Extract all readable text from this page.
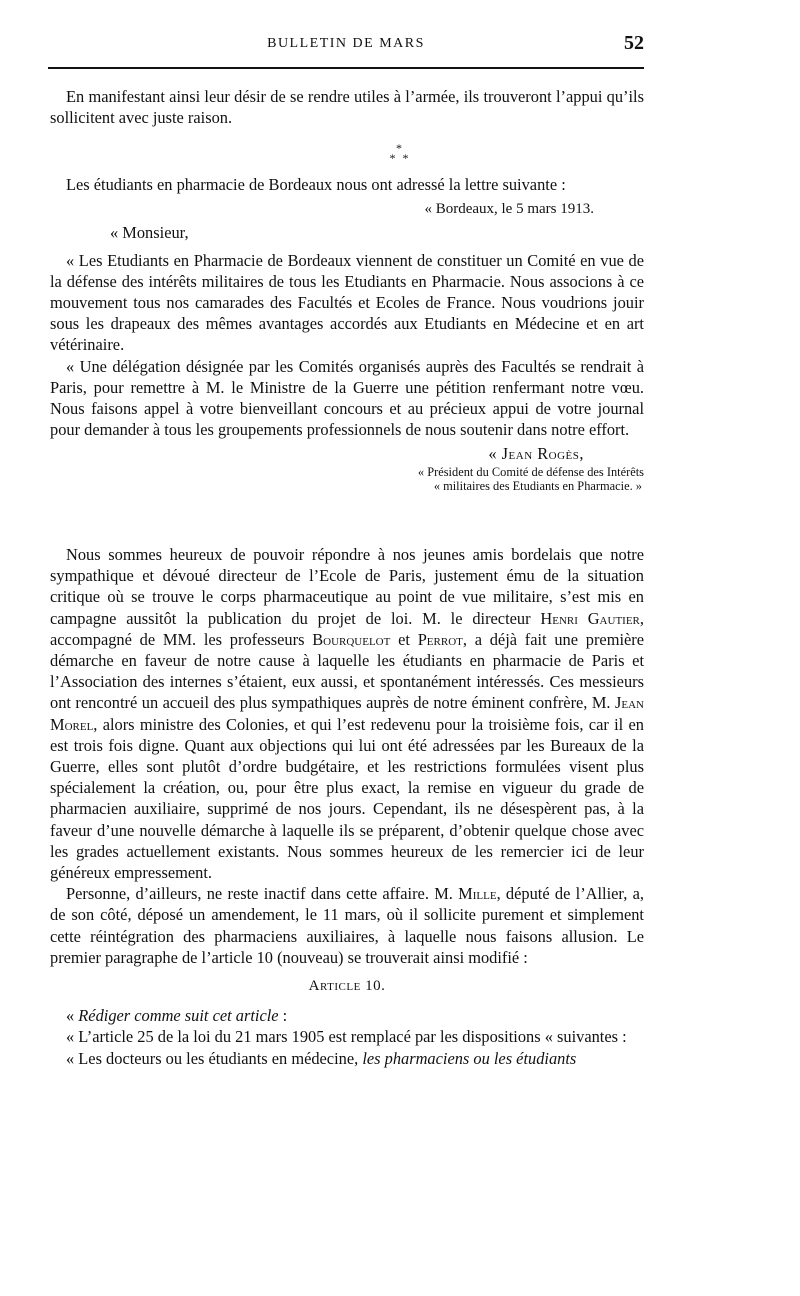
BULLETIN DE MARS	52

En manifestant ainsi leur désir de se rendre utiles à l’armée, ils trouveront l’appui qu’ils sollicitent avec juste raison.

*
* *

Les étudiants en pharmacie de Bordeaux nous ont adressé la lettre suivante :

« Bordeaux, le 5 mars 1913.

« Monsieur,

« Les Etudiants en Pharmacie de Bordeaux viennent de constituer un Comité en vue de la défense des intérêts militaires de tous les Etudiants en Pharmacie. Nous associons à ce mouvement tous nos camarades des Facultés et Ecoles de France. Nous voudrions jouir sous les drapeaux des mêmes avantages accordés aux Etudiants en Médecine et en art vétérinaire.

« Une délégation désignée par les Comités organisés auprès des Facultés se rendrait à Paris, pour remettre à M. le Ministre de la Guerre une pétition renfermant notre vœu. Nous faisons appel à votre bienveillant concours et au précieux appui de votre journal pour demander à tous les groupements professionnels de nous soutenir dans notre effort.

« Jean Rogès,

« Président du Comité de défense des Intérêts

« militaires des Etudiants en Pharmacie. »

Nous sommes heureux de pouvoir répondre à nos jeunes amis bordelais que notre sympathique et dévoué directeur de l’Ecole de Paris, justement ému de la situation critique où se trouve le corps pharmaceutique au point de vue militaire, s’est mis en campagne aussitôt la publication du projet de loi. M. le directeur Henri Gautier, accompagné de MM. les professeurs Bourquelot et Perrot, a déjà fait une première démarche en faveur de notre cause à laquelle les étudiants en pharmacie de Paris et l’Association des internes s’étaient, eux aussi, et spontanément intéressés. Ces messieurs ont rencontré un accueil des plus sympathiques auprès de notre éminent confrère, M. Jean Morel, alors ministre des Colonies, et qui l’est redevenu pour la troisième fois, car il en est trois fois digne. Quant aux objections qui lui ont été adressées par les Bureaux de la Guerre, elles sont plutôt d’ordre budgétaire, et les restrictions formulées visent plus spécialement la création, ou, pour être plus exact, la remise en vigueur du grade de pharmacien auxiliaire, supprimé de nos jours. Cependant, ils ne désespèrent pas, à la faveur d’une nouvelle démarche à laquelle ils se préparent, d’obtenir quelque chose avec les grades actuellement existants. Nous sommes heureux de les remercier ici de leur généreux empressement.

Personne, d’ailleurs, ne reste inactif dans cette affaire. M. Mille, député de l’Allier, a, de son côté, déposé un amendement, le 11 mars, où il sollicite purement et simplement cette réintégration des pharmaciens auxiliaires, à laquelle nous faisons allusion. Le premier paragraphe de l’article 10 (nouveau) se trouverait ainsi modifié :

Article 10.

« Rédiger comme suit cet article :

« L’article 25 de la loi du 21 mars 1905 est remplacé par les dispositions « suivantes :

« Les docteurs ou les étudiants en médecine, les pharmaciens ou les étudiants
